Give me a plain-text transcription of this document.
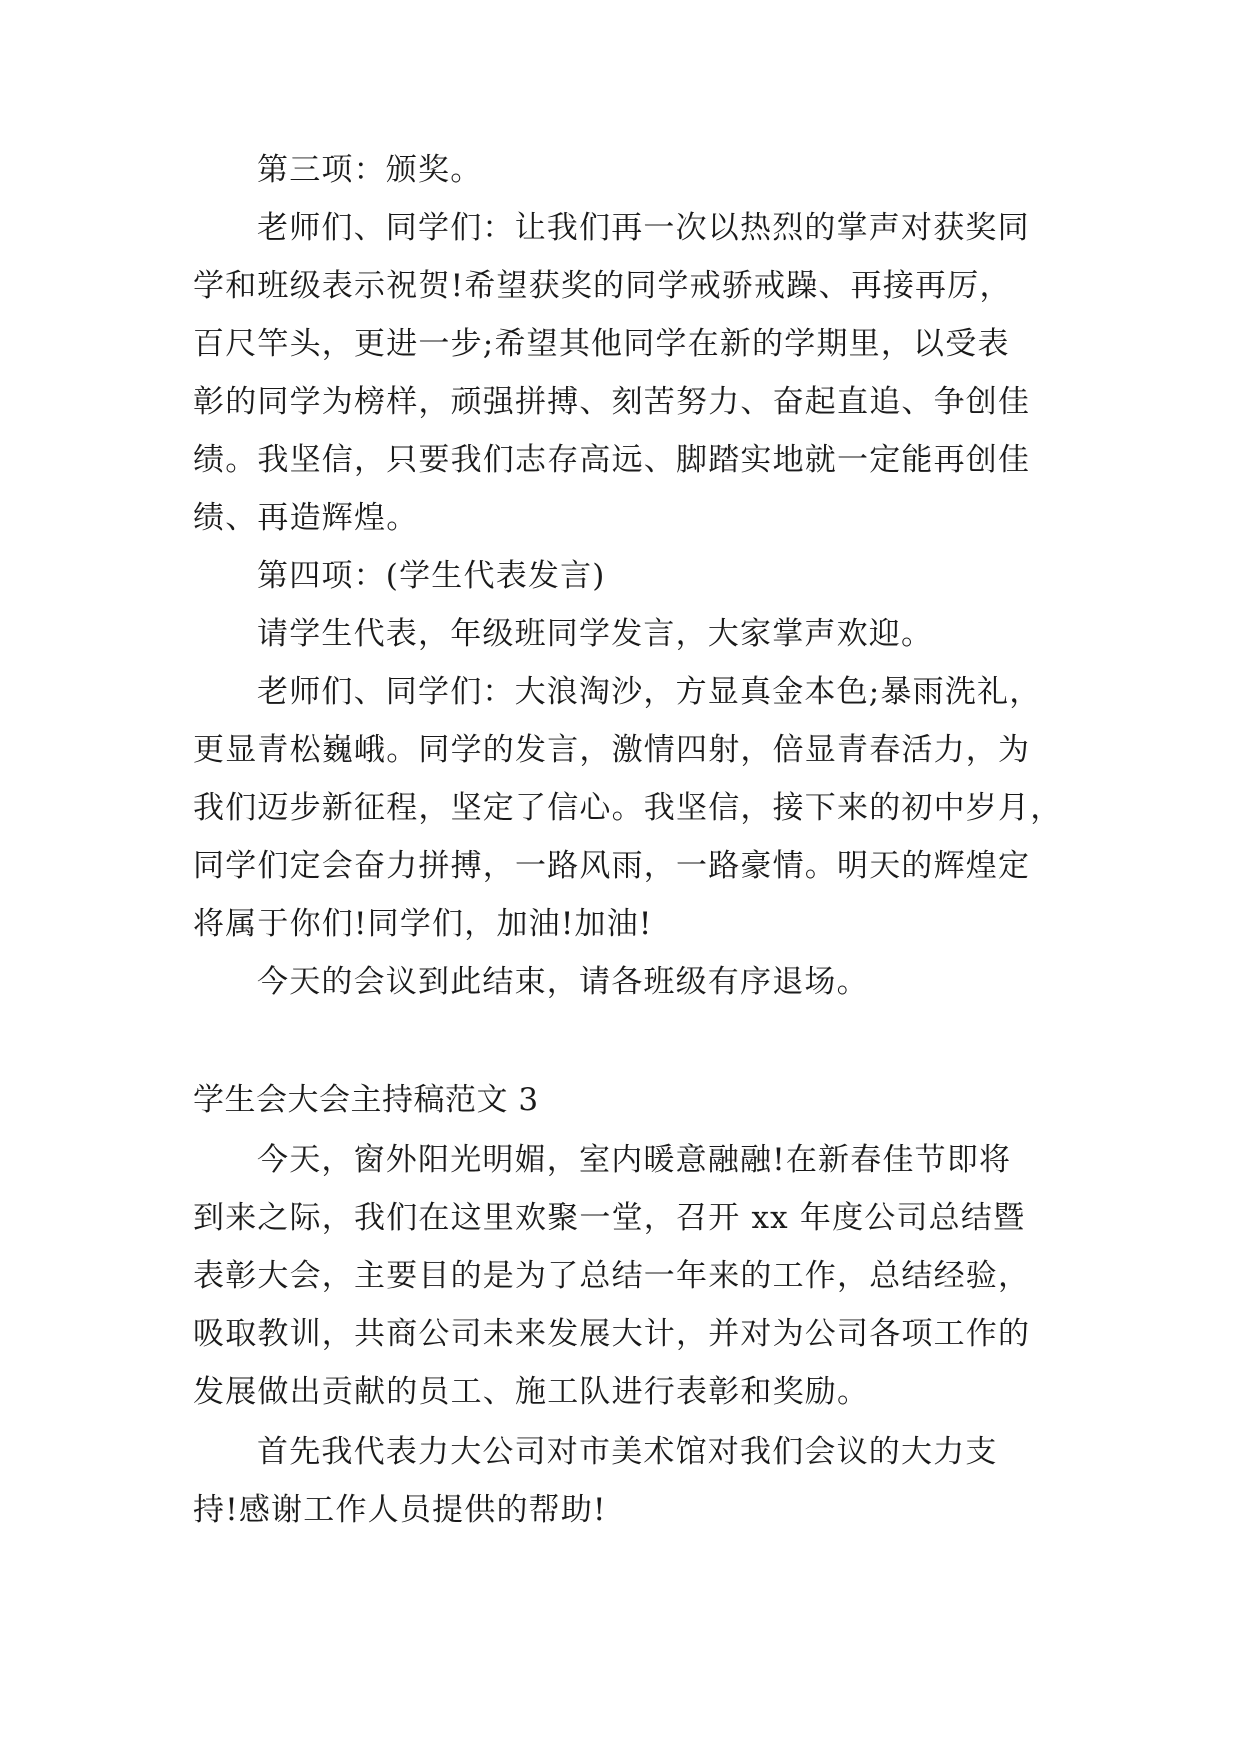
第三项：颁奖。
老师们、同学们：让我们再一次以热烈的掌声对获奖同
学和班级表示祝贺!希望获奖的同学戒骄戒躁、再接再厉，
百尺竿头，更进一步;希望其他同学在新的学期里，以受表
彰的同学为榜样，顽强拼搏、刻苦努力、奋起直追、争创佳
绩。我坚信，只要我们志存高远、脚踏实地就一定能再创佳
绩、再造辉煌。
第四项：(学生代表发言)
请学生代表，年级班同学发言，大家掌声欢迎。
老师们、同学们：大浪淘沙，方显真金本色;暴雨洗礼，
更显青松巍峨。同学的发言，激情四射，倍显青春活力，为
我们迈步新征程，坚定了信心。我坚信，接下来的初中岁月，
同学们定会奋力拼搏，一路风雨，一路豪情。明天的辉煌定
将属于你们!同学们，加油!加油!
今天的会议到此结束，请各班级有序退场。
学生会大会主持稿范文 3
今天，窗外阳光明媚，室内暖意融融!在新春佳节即将
到来之际，我们在这里欢聚一堂，召开 xx 年度公司总结暨
表彰大会，主要目的是为了总结一年来的工作，总结经验，
吸取教训，共商公司未来发展大计，并对为公司各项工作的
发展做出贡献的员工、施工队进行表彰和奖励。
首先我代表力大公司对市美术馆对我们会议的大力支
持!感谢工作人员提供的帮助!
